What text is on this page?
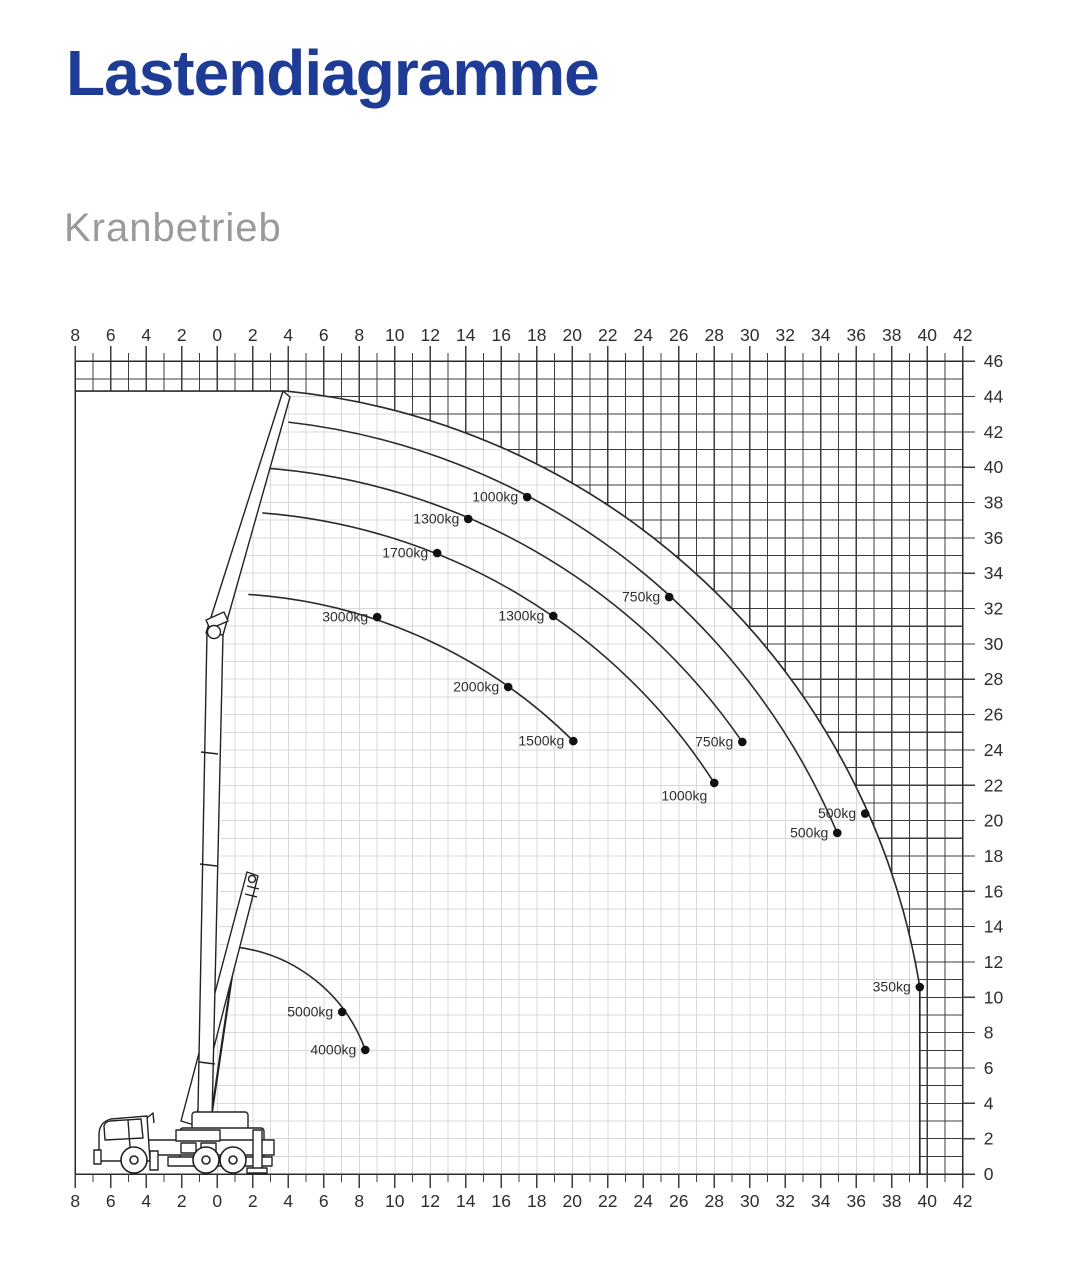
Lastendiagramme
Kranbetrieb
8
8
6
6
4
4
2
2
0
0
2
2
4
4
6
6
8
8
10
10
12
12
14
14
16
16
18
18
20
20
22
22
24
24
26
26
28
28
30
30
32
32
34
34
36
36
38
38
40
40
42
42
0
2
4
6
8
10
12
14
16
18
20
22
24
26
28
30
32
34
36
38
40
42
44
46
500kg
350kg
1000kg
750kg
500kg
1300kg
750kg
1700kg
1300kg
1000kg
3000kg
2000kg
1500kg
5000kg
4000kg
